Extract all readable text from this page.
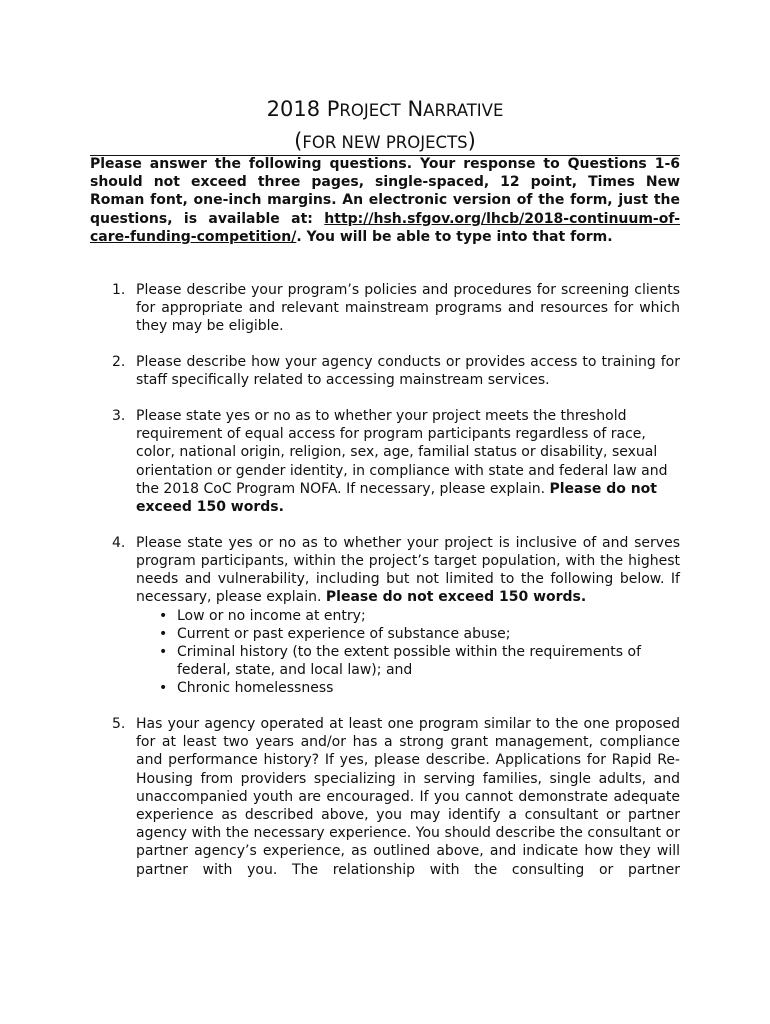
2018 PROJECT NARRATIVE
(FOR NEW PROJECTS)
Please answer the following questions. Your response to Questions 1-6 should not exceed three pages, single-spaced, 12 point, Times New Roman font, one-inch margins. An electronic version of the form, just the questions, is available at: http://hsh.sfgov.org/lhcb/2018-continuum-of-care-funding-competition/. You will be able to type into that form.
1. Please describe your program’s policies and procedures for screening clients for appropriate and relevant mainstream programs and resources for which they may be eligible.
2. Please describe how your agency conducts or provides access to training for staff specifically related to accessing mainstream services.
3. Please state yes or no as to whether your project meets the threshold requirement of equal access for program participants regardless of race, color, national origin, religion, sex, age, familial status or disability, sexual orientation or gender identity, in compliance with state and federal law and the 2018 CoC Program NOFA. If necessary, please explain. Please do not exceed 150 words.
4. Please state yes or no as to whether your project is inclusive of and serves program participants, within the project’s target population, with the highest needs and vulnerability, including but not limited to the following below. If necessary, please explain. Please do not exceed 150 words.
• Low or no income at entry;
• Current or past experience of substance abuse;
• Criminal history (to the extent possible within the requirements of federal, state, and local law); and
• Chronic homelessness
5. Has your agency operated at least one program similar to the one proposed for at least two years and/or has a strong grant management, compliance and performance history? If yes, please describe. Applications for Rapid Re-Housing from providers specializing in serving families, single adults, and unaccompanied youth are encouraged. If you cannot demonstrate adequate experience as described above, you may identify a consultant or partner agency with the necessary experience. You should describe the consultant or partner agency’s experience, as outlined above, and indicate how they will partner with you. The relationship with the consulting or partner
